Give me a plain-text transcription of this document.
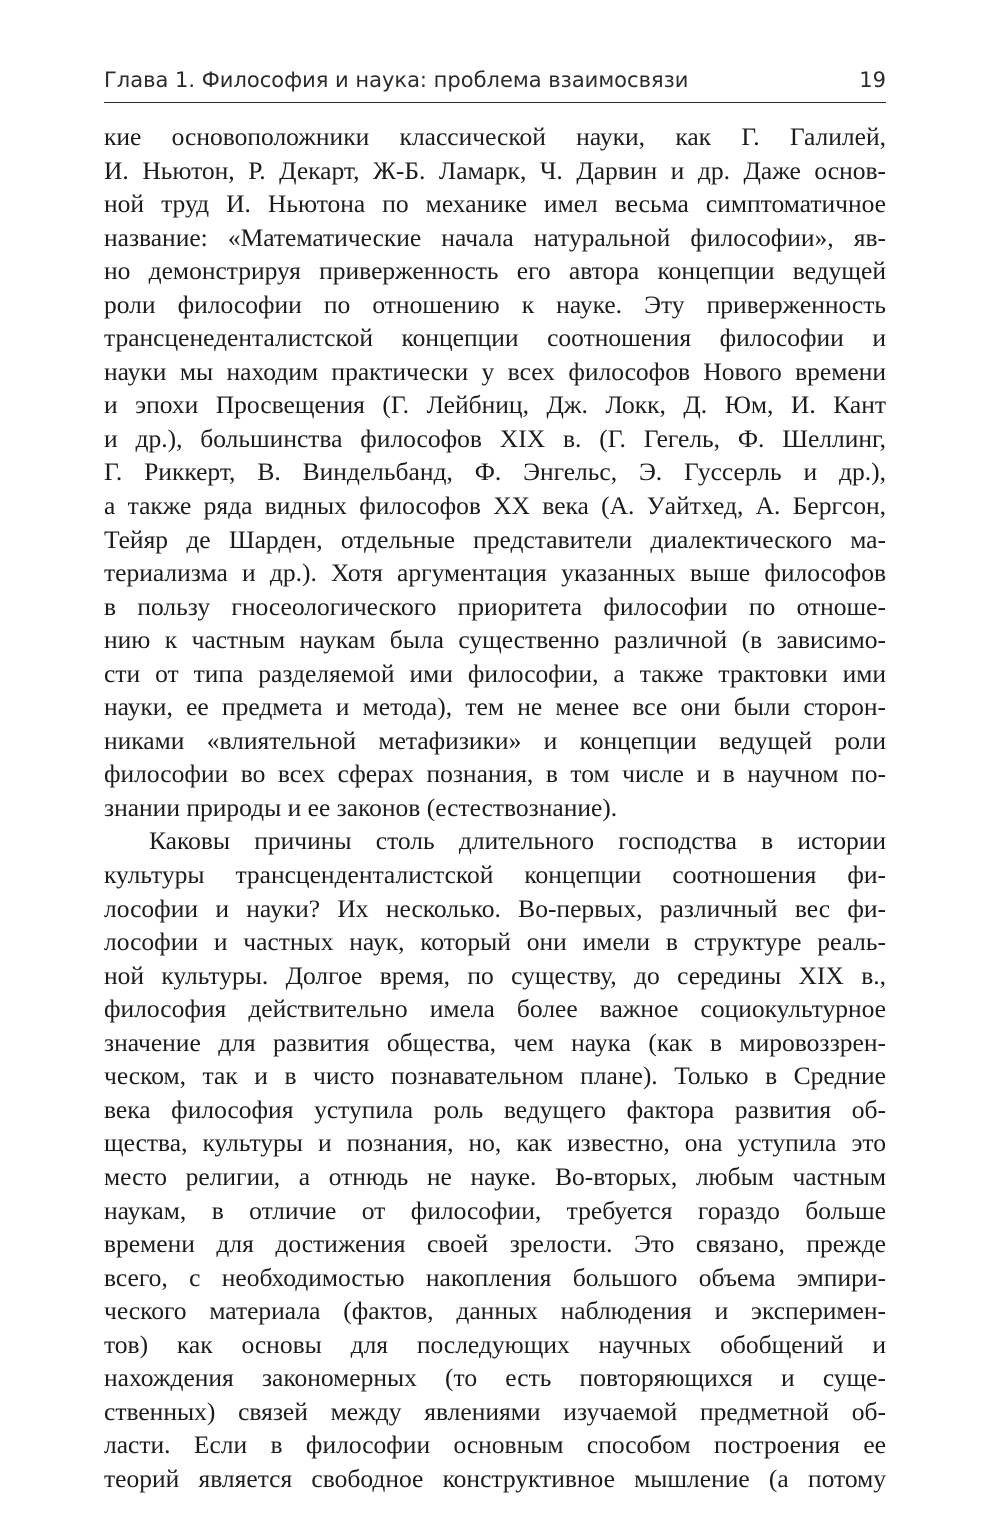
Глава 1. Философия и наука: проблема взаимосвязи	19
кие основоположники классической науки, как Г. Галилей,
И. Ньютон, Р. Декарт, Ж-Б. Ламарк, Ч. Дарвин и др. Даже основ-
ной труд И. Ньютона по механике имел весьма симптоматичное
название: «Математические начала натуральной философии», яв-
но демонстрируя приверженность его автора концепции ведущей
роли философии по отношению к науке. Эту приверженность
трансценеденталистской концепции соотношения философии и
науки мы находим практически у всех философов Нового времени
и эпохи Просвещения (Г. Лейбниц, Дж. Локк, Д. Юм, И. Кант
и др.), большинства философов XIX в. (Г. Гегель, Ф. Шеллинг,
Г. Риккерт, В. Виндельбанд, Ф. Энгельс, Э. Гуссерль и др.),
а также ряда видных философов XX века (А. Уайтхед, А. Бергсон,
Тейяр де Шарден, отдельные представители диалектического ма-
териализма и др.). Хотя аргументация указанных выше философов
в пользу гносеологического приоритета философии по отноше-
нию к частным наукам была существенно различной (в зависимо-
сти от типа разделяемой ими философии, а также трактовки ими
науки, ее предмета и метода), тем не менее все они были сторон-
никами «влиятельной метафизики» и концепции ведущей роли
философии во всех сферах познания, в том числе и в научном по-
знании природы и ее законов (естествознание).
Каковы причины столь длительного господства в истории
культуры трансценденталистской концепции соотношения фи-
лософии и науки? Их несколько. Во-первых, различный вес фи-
лософии и частных наук, который они имели в структуре реаль-
ной культуры. Долгое время, по существу, до середины XIX в.,
философия действительно имела более важное социокультурное
значение для развития общества, чем наука (как в мировоззрен-
ческом, так и в чисто познавательном плане). Только в Средние
века философия уступила роль ведущего фактора развития об-
щества, культуры и познания, но, как известно, она уступила это
место религии, а отнюдь не науке. Во-вторых, любым частным
наукам, в отличие от философии, требуется гораздо больше
времени для достижения своей зрелости. Это связано, прежде
всего, с необходимостью накопления большого объема эмпири-
ческого материала (фактов, данных наблюдения и эксперимен-
тов) как основы для последующих научных обобщений и
нахождения закономерных (то есть повторяющихся и суще-
ственных) связей между явлениями изучаемой предметной об-
ласти. Если в философии основным способом построения ее
теорий является свободное конструктивное мышление (а потому
